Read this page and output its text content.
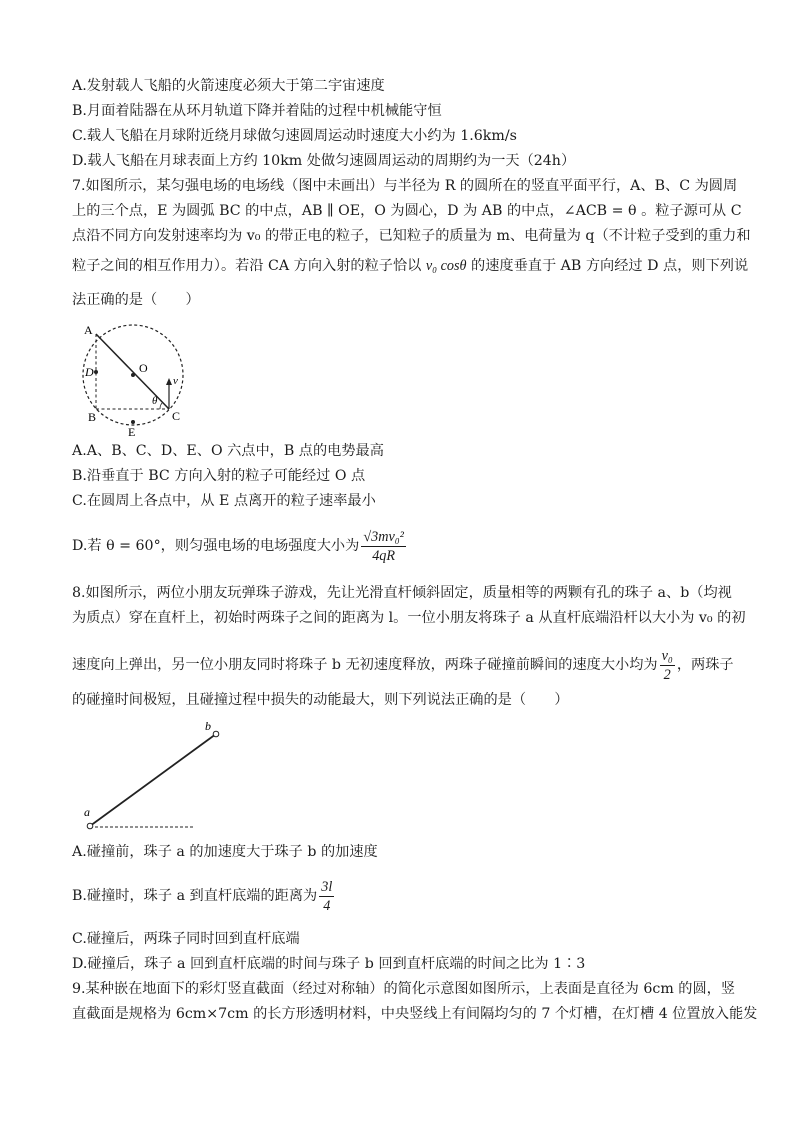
A.发射载人飞船的火箭速度必须大于第二宇宙速度
B.月面着陆器在从环月轨道下降并着陆的过程中机械能守恒
C.载人飞船在月球附近绕月球做匀速圆周运动时速度大小约为 1.6km/s
D.载人飞船在月球表面上方约 10km 处做匀速圆周运动的周期约为一天（24h）
7.如图所示，某匀强电场的电场线（图中未画出）与半径为 R 的圆所在的竖直平面平行，A、B、C 为圆周
上的三个点，E 为圆弧 BC 的中点，AB ∥ OE，O 为圆心，D 为 AB 的中点，∠ACB = θ 。粒子源可从 C
点沿不同方向发射速率均为 v₀ 的带正电的粒子，已知粒子的质量为 m、电荷量为 q（不计粒子受到的重力和
粒子之间的相互作用力）。若沿 CA 方向入射的粒子恰以 v₀ cosθ 的速度垂直于 AB 方向经过 D 点，则下列说
法正确的是（　　）
A
D
B	C
O
E
θ
v
A.A、B、C、D、E、O 六点中，B 点的电势最高
B.沿垂直于 BC 方向入射的粒子可能经过 O 点
C.在圆周上各点中，从 E 点离开的粒子速率最小
D.若 θ = 60°，则匀强电场的电场强度大小为 $\frac{\text{√3mv₀²}}{4qR}$
8.如图所示，两位小朋友玩弹珠子游戏，先让光滑直杆倾斜固定，质量相等的两颗有孔的珠子 a、b（均视
为质点）穿在直杆上，初始时两珠子之间的距离为 l。一位小朋友将珠子 a 从直杆底端沿杆以大小为 v₀ 的初
速度向上弹出，另一位小朋友同时将珠子 b 无初速度释放，两珠子碰撞前瞬间的速度大小均为 $\frac{\text{v₀}}{2}$ ，两珠子
的碰撞时间极短，且碰撞过程中损失的动能最大，则下列说法正确的是（　　）
a
b
A.碰撞前，珠子 a 的加速度大于珠子 b 的加速度
B.碰撞时，珠子 a 到直杆底端的距离为 $\frac{3l}{4}$
C.碰撞后，两珠子同时回到直杆底端
D.碰撞后，珠子 a 回到直杆底端的时间与珠子 b 回到直杆底端的时间之比为 1∶3
9.某种嵌在地面下的彩灯竖直截面（经过对称轴）的简化示意图如图所示，上表面是直径为 6cm 的圆，竖
直截面是规格为 6cm×7cm 的长方形透明材料，中央竖线上有间隔均匀的 7 个灯槽，在灯槽 4 位置放入能发
